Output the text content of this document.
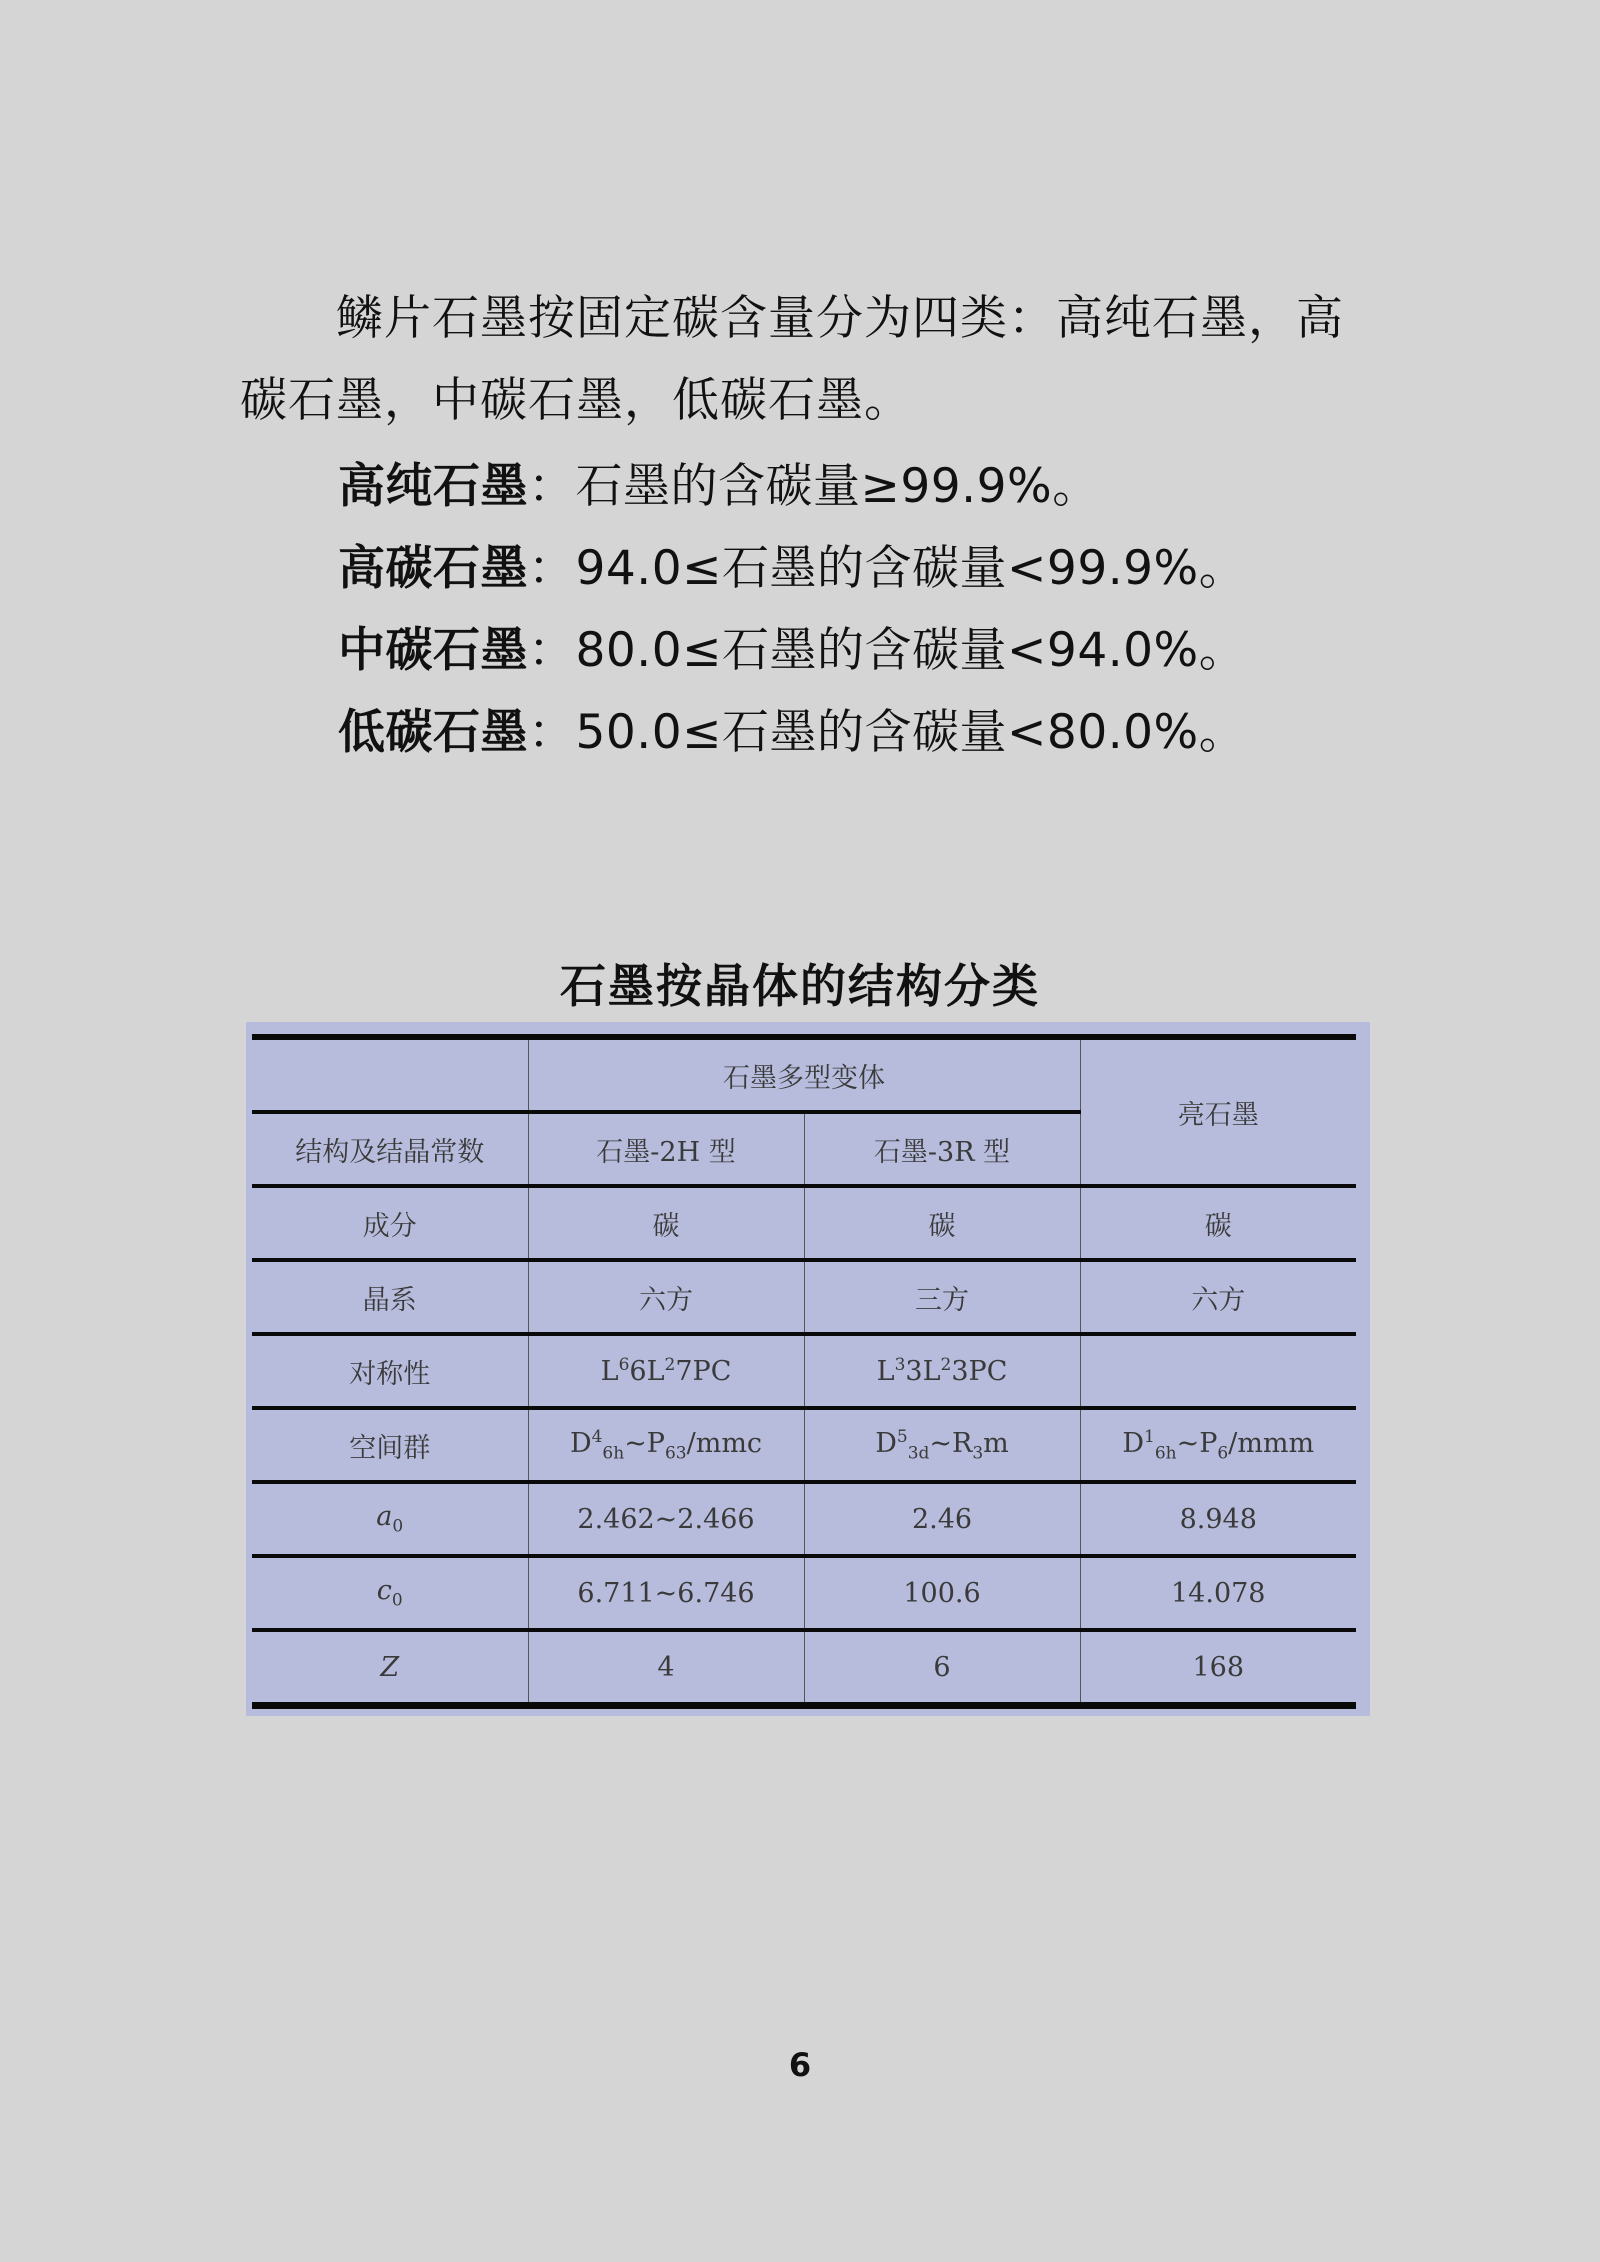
鳞片石墨按固定碳含量分为四类：高纯石墨，高碳石墨，中碳石墨，低碳石墨。
高纯石墨：石墨的含碳量≥99.9%。
高碳石墨：94.0≤石墨的含碳量<99.9%。
中碳石墨：80.0≤石墨的含碳量<94.0%。
低碳石墨：50.0≤石墨的含碳量<80.0%。
石墨按晶体的结构分类
	石墨多型变体		亮石墨
结构及结晶常数	石墨-2H 型	石墨-3R 型	
成分	碳	碳	碳
晶系	六方	三方	六方
对称性	$L^66L^27PC$	$L^33L^23PC$	
空间群	$D^4_{6h}\sim P_{63}$/mmc	$D^5_{3d}\sim R_3m$	$D^1_{6h}\sim P_6$/mmm
$a_0$	2.462~2.466	2.46	8.948
$c_0$	6.711~6.746	100.6	14.078
Z	4	6	168
6
